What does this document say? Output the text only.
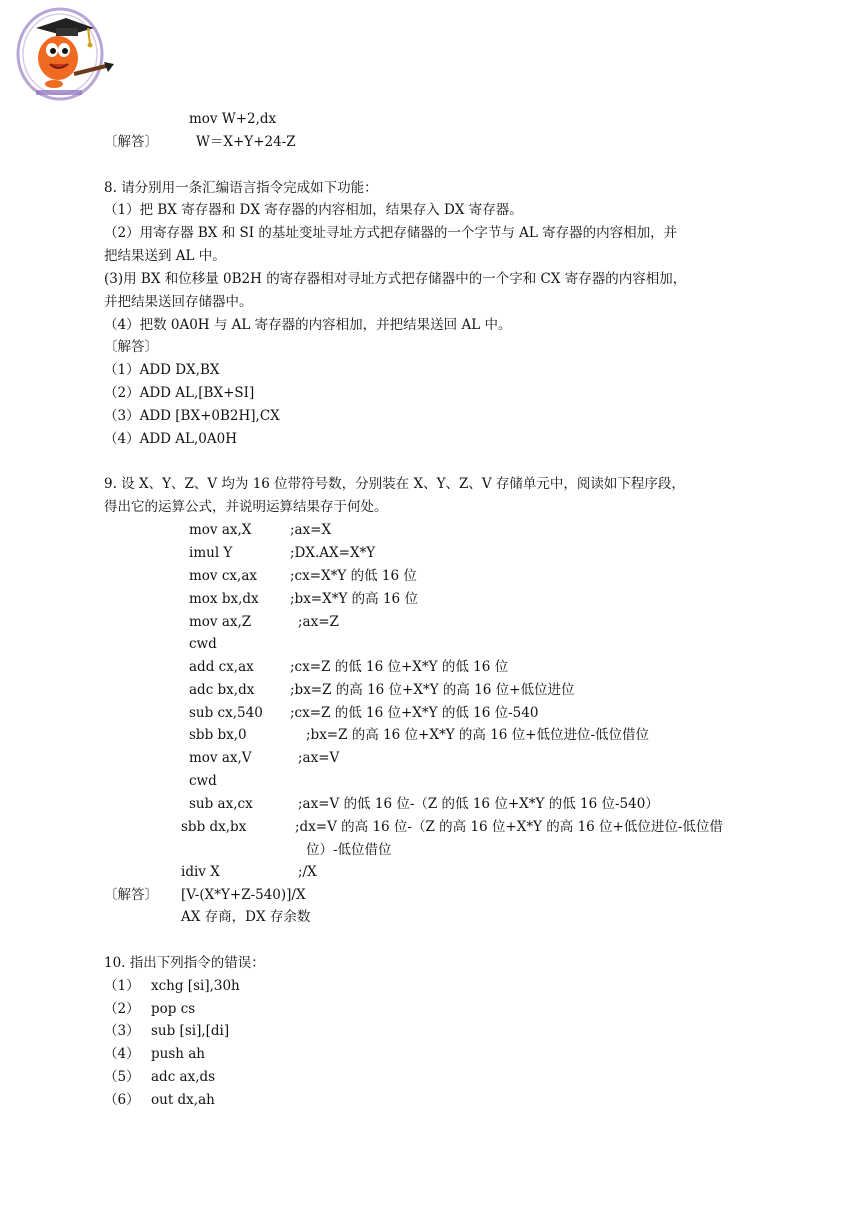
mov W+2,dx
〔解答〕	W＝X+Y+24-Z
8. 请分别用一条汇编语言指令完成如下功能：
（1）把 BX 寄存器和 DX 寄存器的内容相加，结果存入 DX 寄存器。
（2）用寄存器 BX 和 SI 的基址变址寻址方式把存储器的一个字节与 AL 寄存器的内容相加，并
把结果送到 AL 中。
(3)用 BX 和位移量 0B2H 的寄存器相对寻址方式把存储器中的一个字和 CX 寄存器的内容相加，
并把结果送回存储器中。
（4）把数 0A0H 与 AL 寄存器的内容相加，并把结果送回 AL 中。
〔解答〕
（1）ADD DX,BX
（2）ADD AL,[BX+SI]
（3）ADD [BX+0B2H],CX
（4）ADD AL,0A0H
9. 设 X、Y、Z、V 均为 16 位带符号数，分别装在 X、Y、Z、V 存储单元中，阅读如下程序段，
得出它的运算公式，并说明运算结果存于何处。
mov ax,X	;ax=X
imul Y	;DX.AX=X*Y
mov cx,ax ;cx=X*Y 的低 16 位
mox bx,dx ;bx=X*Y 的高 16 位
mov ax,Z	;ax=Z
cwd
add cx,ax	;cx=Z 的低 16 位+X*Y 的低 16 位
adc bx,dx	;bx=Z 的高 16 位+X*Y 的高 16 位+低位进位
sub cx,540 ;cx=Z 的低 16 位+X*Y 的低 16 位-540
sbb bx,0	;bx=Z 的高 16 位+X*Y 的高 16 位+低位进位-低位借位
mov ax,V	;ax=V
cwd
sub ax,cx	;ax=V 的低 16 位-（Z 的低 16 位+X*Y 的低 16 位-540）
sbb dx,bx	;dx=V 的高 16 位-（Z 的高 16 位+X*Y 的高 16 位+低位进位-低位借
位）-低位借位
idiv X	;/X
〔解答〕 [V-(X*Y+Z-540)]/X
AX 存商，DX 存余数
10. 指出下列指令的错误：
（1） xchg [si],30h
（2） pop cs
（3） sub [si],[di]
（4） push ah
（5） adc ax,ds
（6） out dx,ah
